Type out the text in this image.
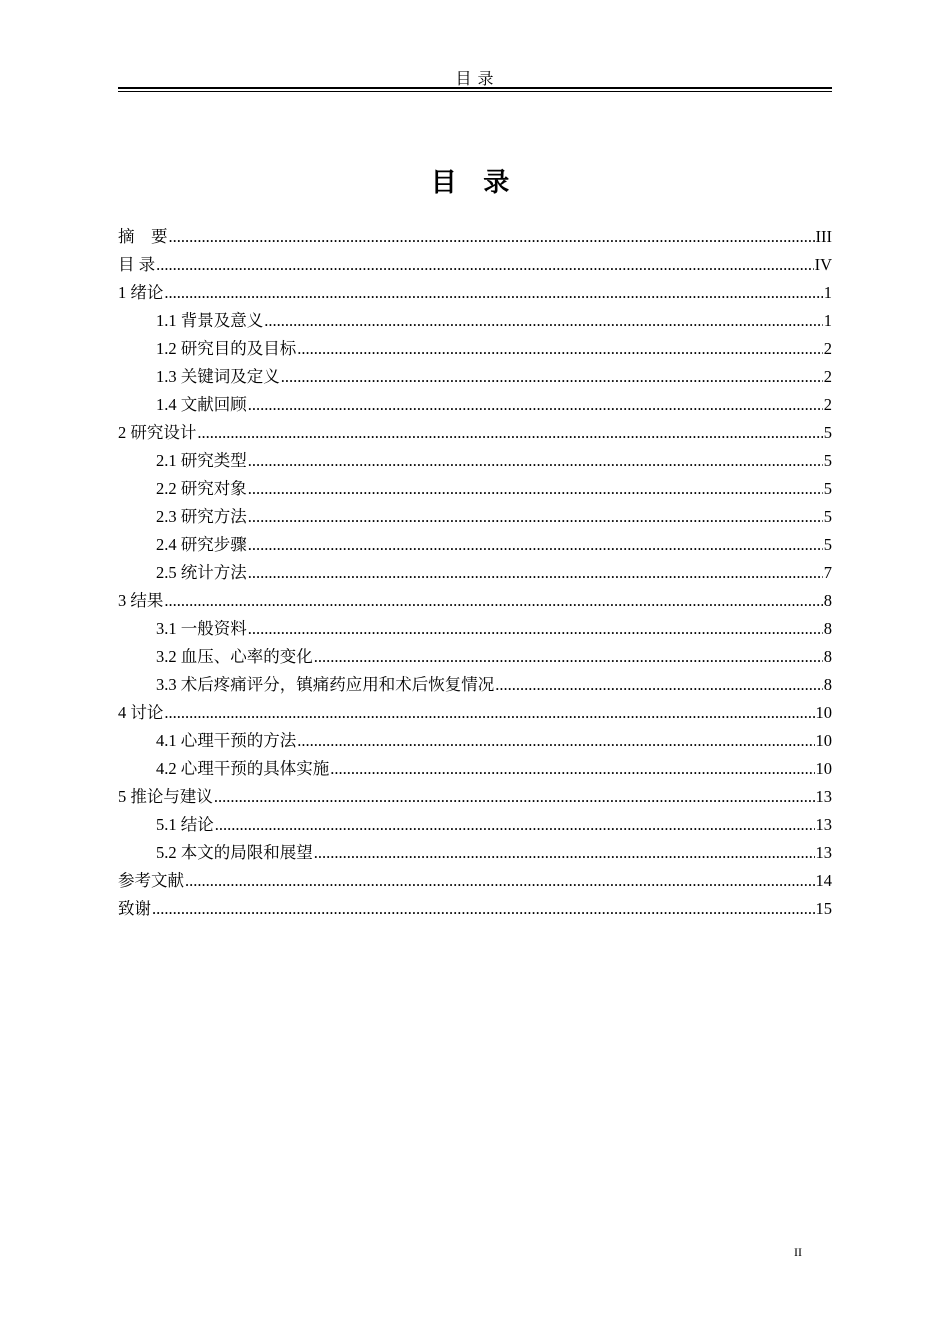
目 录
目 录
摘　要 .....	III
目 录 .....	IV
1 绪论 .....	1
1.1 背景及意义 .....	1
1.2 研究目的及目标 .....	2
1.3 关键词及定义 .....	2
1.4 文献回顾 .....	2
2 研究设计 .....	5
2.1 研究类型 .....	5
2.2 研究对象 .....	5
2.3 研究方法 .....	5
2.4 研究步骤 .....	5
2.5 统计方法 .....	7
3 结果 .....	8
3.1 一般资料 .....	8
3.2 血压、心率的变化 .....	8
3.3 术后疼痛评分，镇痛药应用和术后恢复情况 .....	8
4 讨论 .....	10
4.1 心理干预的方法 .....	10
4.2 心理干预的具体实施 .....	10
5 推论与建议 .....	13
5.1 结论 .....	13
5.2 本文的局限和展望 .....	13
参考文献 .....	14
致谢 .....	15
II
